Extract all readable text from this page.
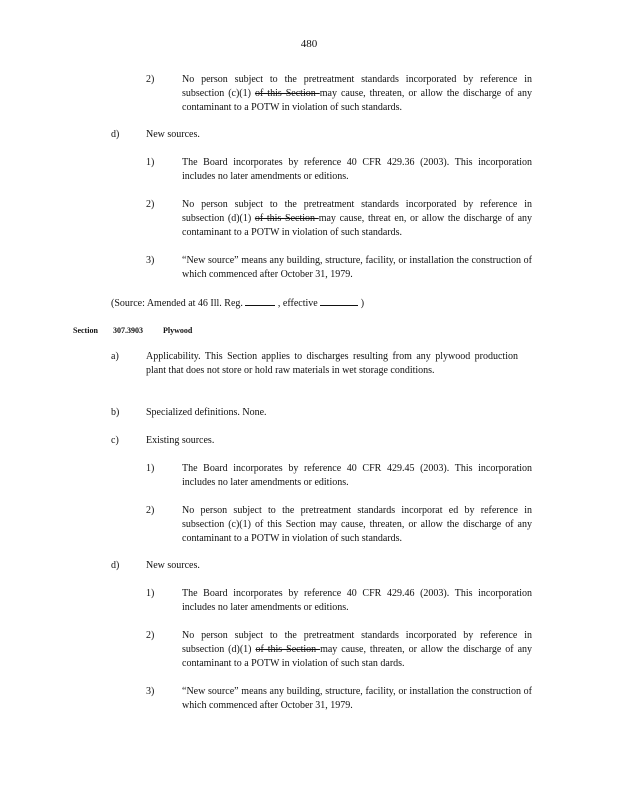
480
2)	No person subject to the pretreatment standards incorporated by reference in subsection (c)(1) of this Section may cause, threaten, or allow the discharge of any contaminant to a POTW in violation of such standards.
d)	New sources.
1)	The Board incorporates by reference 40 CFR 429.36 (2003). This incorporation includes no later amendments or editions.
2)	No person subject to the pretreatment standards incorporated by reference in subsection (d)(1) of this Section may cause, threat en, or allow the discharge of any contaminant to a POTW in violation of such standards.
3)	“New source” means any building, structure, facility, or installation the construction of which commenced after October 31, 1979.
(Source: Amended at 46 Ill. Reg.	, effective	)
Section 307.3903	Plywood
a)	Applicability. This Section applies to discharges resulting from any plywood production plant that does not store or hold raw materials in wet storage conditions.
b)	Specialized definitions. None.
c)	Existing sources.
1)	The Board incorporates by reference 40 CFR 429.45 (2003). This incorporation includes no later amendments or editions.
2)	No person subject to the pretreatment standards incorporat ed by reference in subsection (c)(1) of this Section may cause, threaten, or allow the discharge of any contaminant to a POTW in violation of such standards.
d)	New sources.
1)	The Board incorporates by reference 40 CFR 429.46 (2003). This incorporation includes no later amendments or editions.
2)	No person subject to the pretreatment standards incorporated by reference in subsection (d)(1) of this Section may cause, threaten, or allow the discharge of any contaminant to a POTW in violation of such stan dards.
3)	“New source” means any building, structure, facility, or installation the construction of which commenced after October 31, 1979.
